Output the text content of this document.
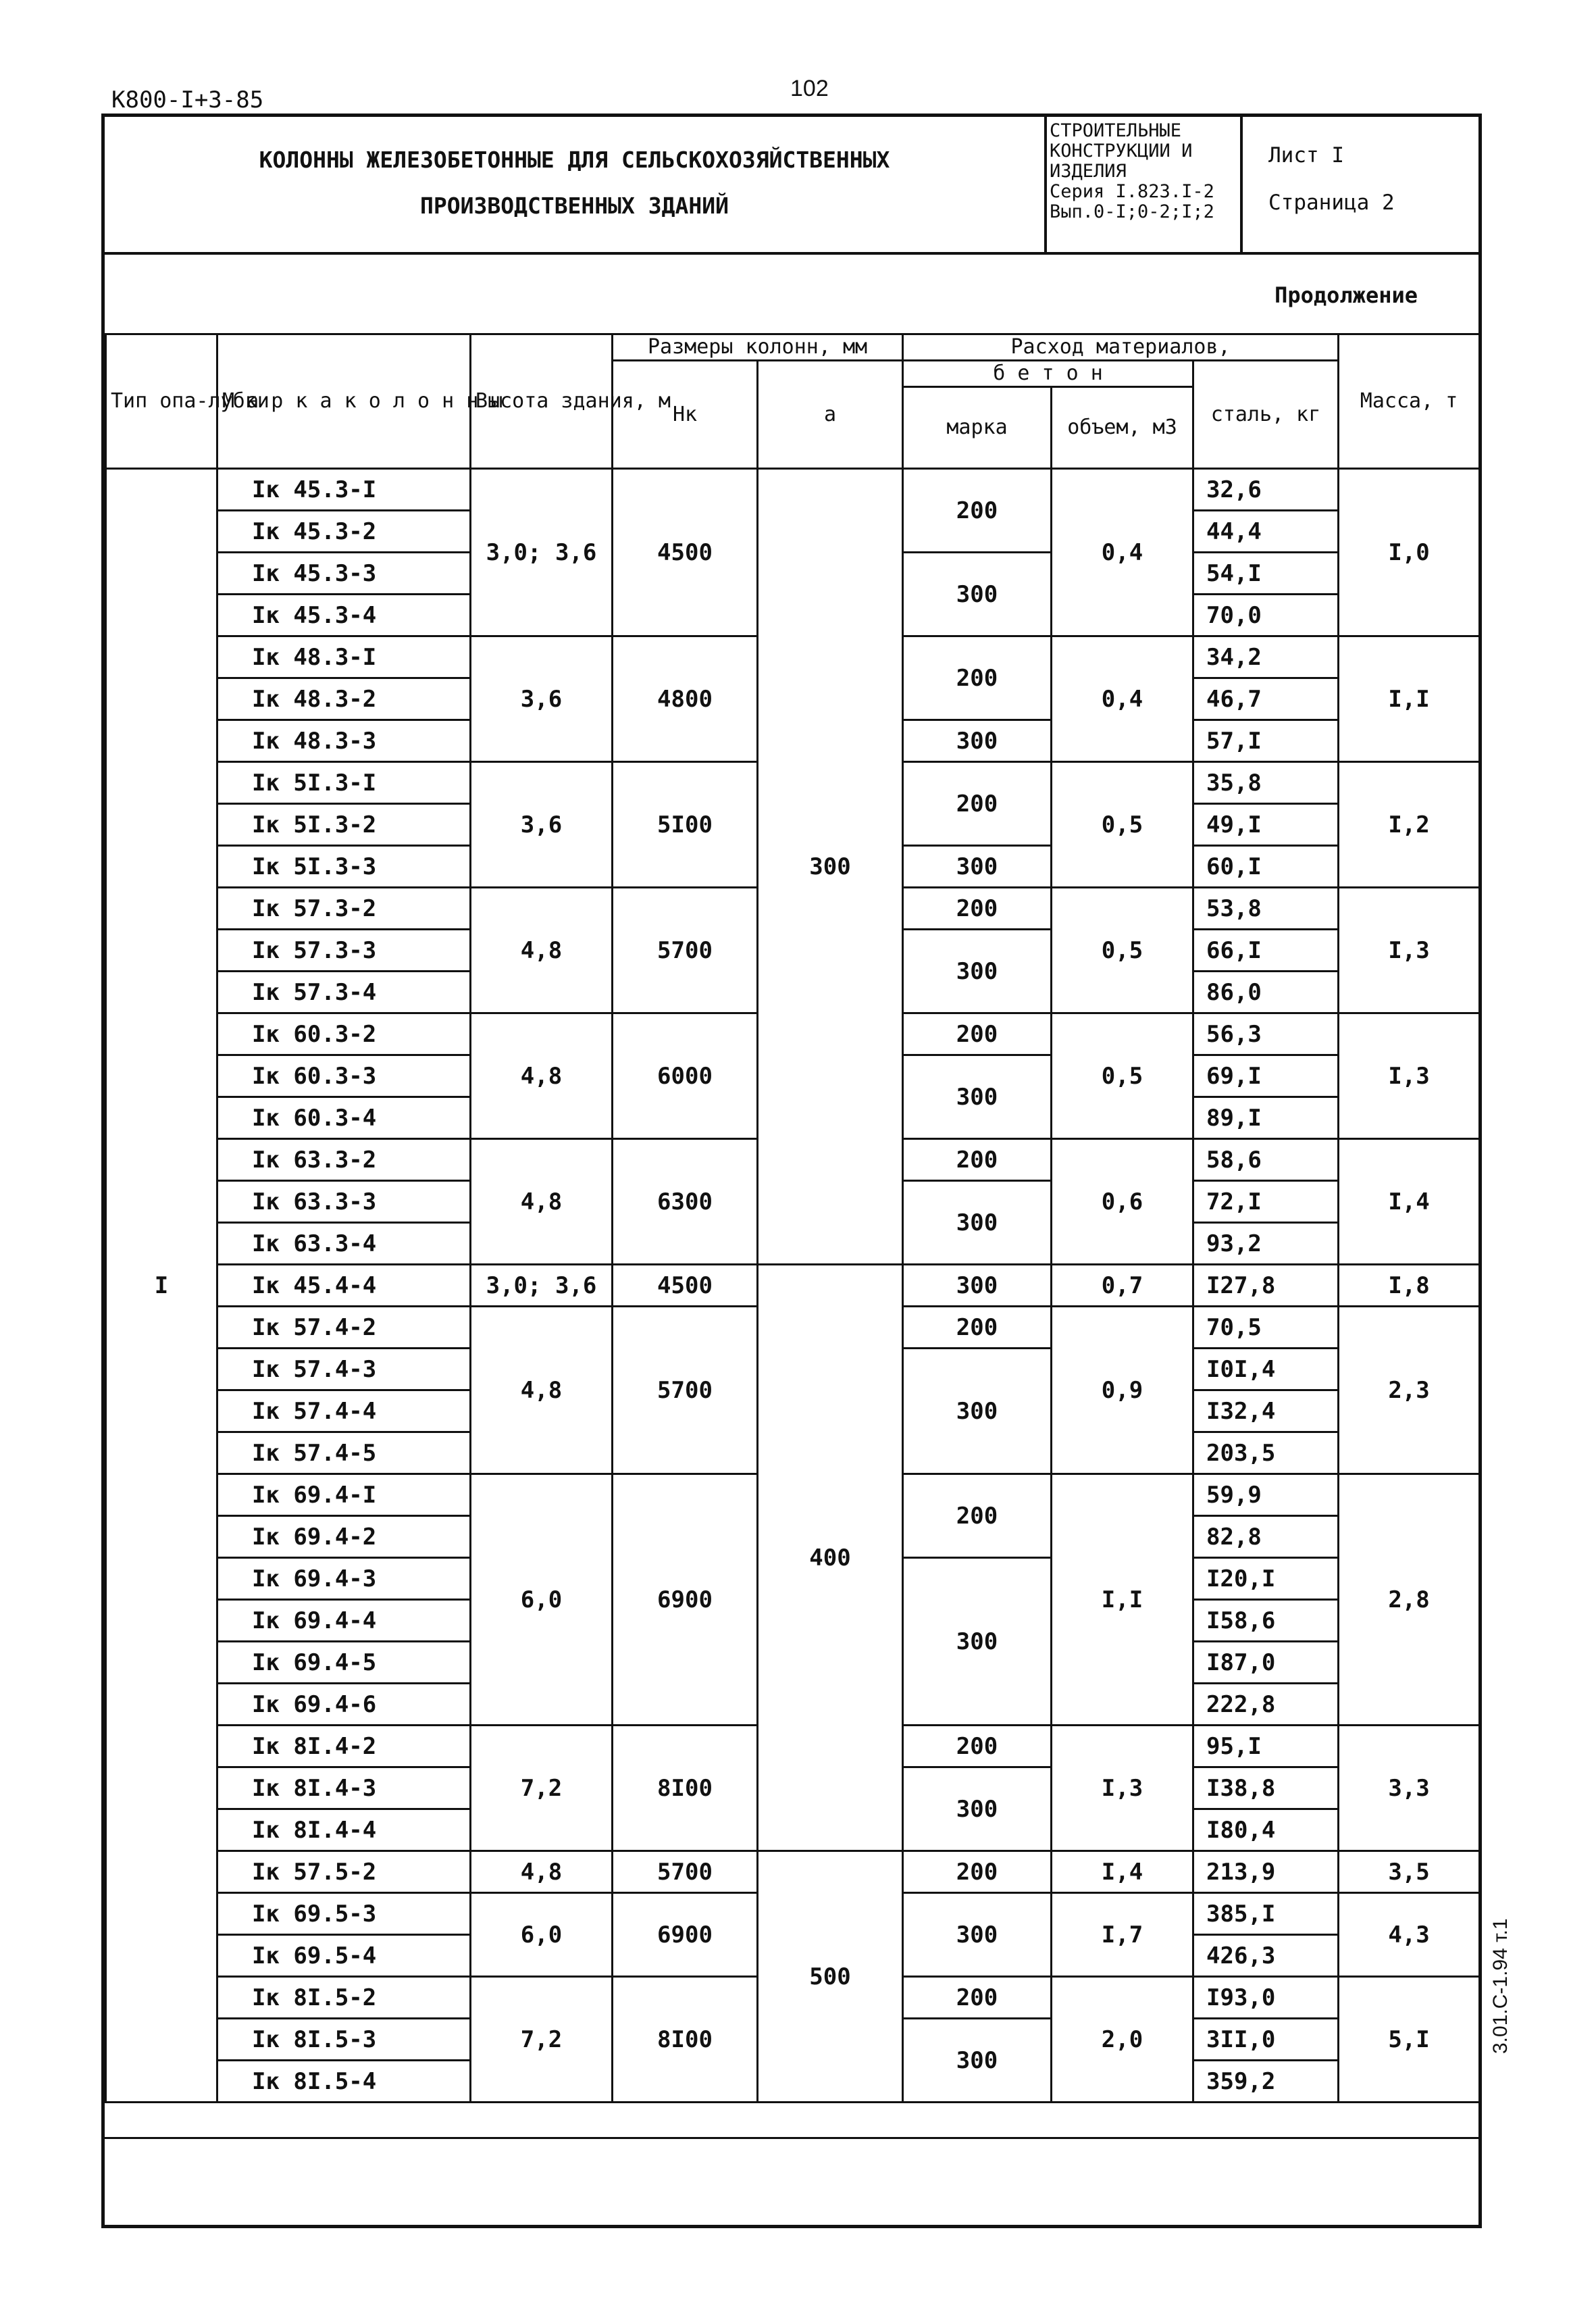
К800-I+3-85	102
КОЛОННЫ ЖЕЛЕЗОБЕТОННЫЕ ДЛЯ СЕЛЬСКОХОЗЯЙСТВЕННЫХ
ПРОИЗВОДСТВЕННЫХ ЗДАНИЙ
СТРОИТЕЛЬНЫЕ
КОНСТРУКЦИИ И
ИЗДЕЛИЯ
Серия I.823.I-2
Вып.0-I;0-2;I;2
Лист I
Страница 2
Продолжение
Тип опа-лубки	М а р к а к о л о н н ы	Высота здания, м	Размеры колонн, мм		Расход материалов,			Масса, т
			Нк	а	б е т о н		сталь, кг	
					марка	объем, м3		
I	Iк 45.3-I	3,0; 3,6	4500	300	200	0,4	32,6	I,0
	Iк 45.3-2						44,4	
	Iк 45.3-3				300		54,I	
	Iк 45.3-4						70,0	
	Iк 48.3-I	3,6	4800		200	0,4	34,2	I,I
	Iк 48.3-2						46,7	
	Iк 48.3-3				300		57,I	
	Iк 5I.3-I	3,6	5I00		200	0,5	35,8	I,2
	Iк 5I.3-2						49,I	
	Iк 5I.3-3				300		60,I	
	Iк 57.3-2	4,8	5700		200	0,5	53,8	I,3
	Iк 57.3-3				300		66,I	
	Iк 57.3-4						86,0	
	Iк 60.3-2	4,8	6000		200	0,5	56,3	I,3
	Iк 60.3-3				300		69,I	
	Iк 60.3-4						89,I	
	Iк 63.3-2	4,8	6300		200	0,6	58,6	I,4
	Iк 63.3-3				300		72,I	
	Iк 63.3-4						93,2	
	Iк 45.4-4	3,0; 3,6	4500	400	300	0,7	I27,8	I,8
	Iк 57.4-2	4,8	5700		200	0,9	70,5	2,3
	Iк 57.4-3				300		I0I,4	
	Iк 57.4-4						I32,4	
	Iк 57.4-5						203,5	
	Iк 69.4-I	6,0	6900		200	I,I	59,9	2,8
	Iк 69.4-2						82,8	
	Iк 69.4-3				300		I20,I	
	Iк 69.4-4						I58,6	
	Iк 69.4-5						I87,0	
	Iк 69.4-6						222,8	
	Iк 8I.4-2	7,2	8I00		200	I,3	95,I	3,3
	Iк 8I.4-3				300		I38,8	
	Iк 8I.4-4						I80,4	
	Iк 57.5-2	4,8	5700	500	200	I,4	213,9	3,5
	Iк 69.5-3	6,0	6900		300	I,7	385,I	4,3
	Iк 69.5-4						426,3	
	Iк 8I.5-2	7,2	8I00		200	2,0	I93,0	5,I
	Iк 8I.5-3				300		3II,0	
	Iк 8I.5-4						359,2	
3.01.С-1.94 т.1
